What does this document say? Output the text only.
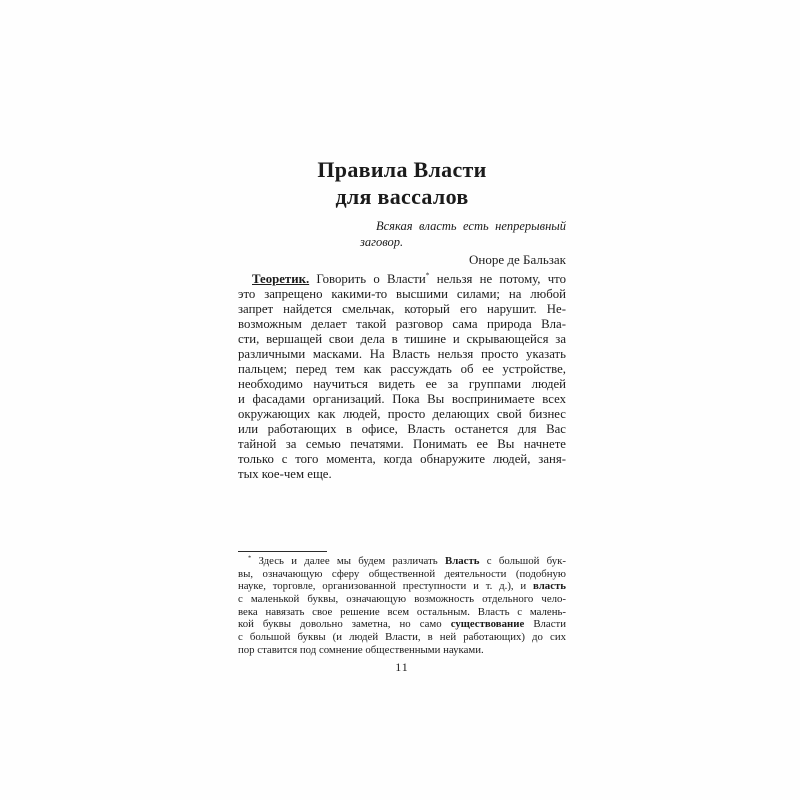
Правила Власти
для вассалов
Всякая власть есть непрерывный
заговор.
Оноре де Бальзак
Теоретик. Говорить о Власти* нельзя не потому, что
это запрещено какими-то высшими силами; на любой
запрет найдется смельчак, который его нарушит. Не-
возможным делает такой разговор сама природа Вла-
сти, вершащей свои дела в тишине и скрывающейся за
различными масками. На Власть нельзя просто указать
пальцем; перед тем как рассуждать об ее устройстве,
необходимо научиться видеть ее за группами людей
и фасадами организаций. Пока Вы воспринимаете всех
окружающих как людей, просто делающих свой бизнес
или работающих в офисе, Власть останется для Вас
тайной за семью печатями. Понимать ее Вы начнете
только с того момента, когда обнаружите людей, заня-
тых кое-чем еще.
* Здесь и далее мы будем различать Власть с большой бук-
вы, означающую сферу общественной деятельности (подобную
науке, торговле, организованной преступности и т. д.), и власть
с маленькой буквы, означающую возможность отдельного чело-
века навязать свое решение всем остальным. Власть с малень-
кой буквы довольно заметна, но само существование Власти
с большой буквы (и людей Власти, в ней работающих) до сих
пор ставится под сомнение общественными науками.
11
